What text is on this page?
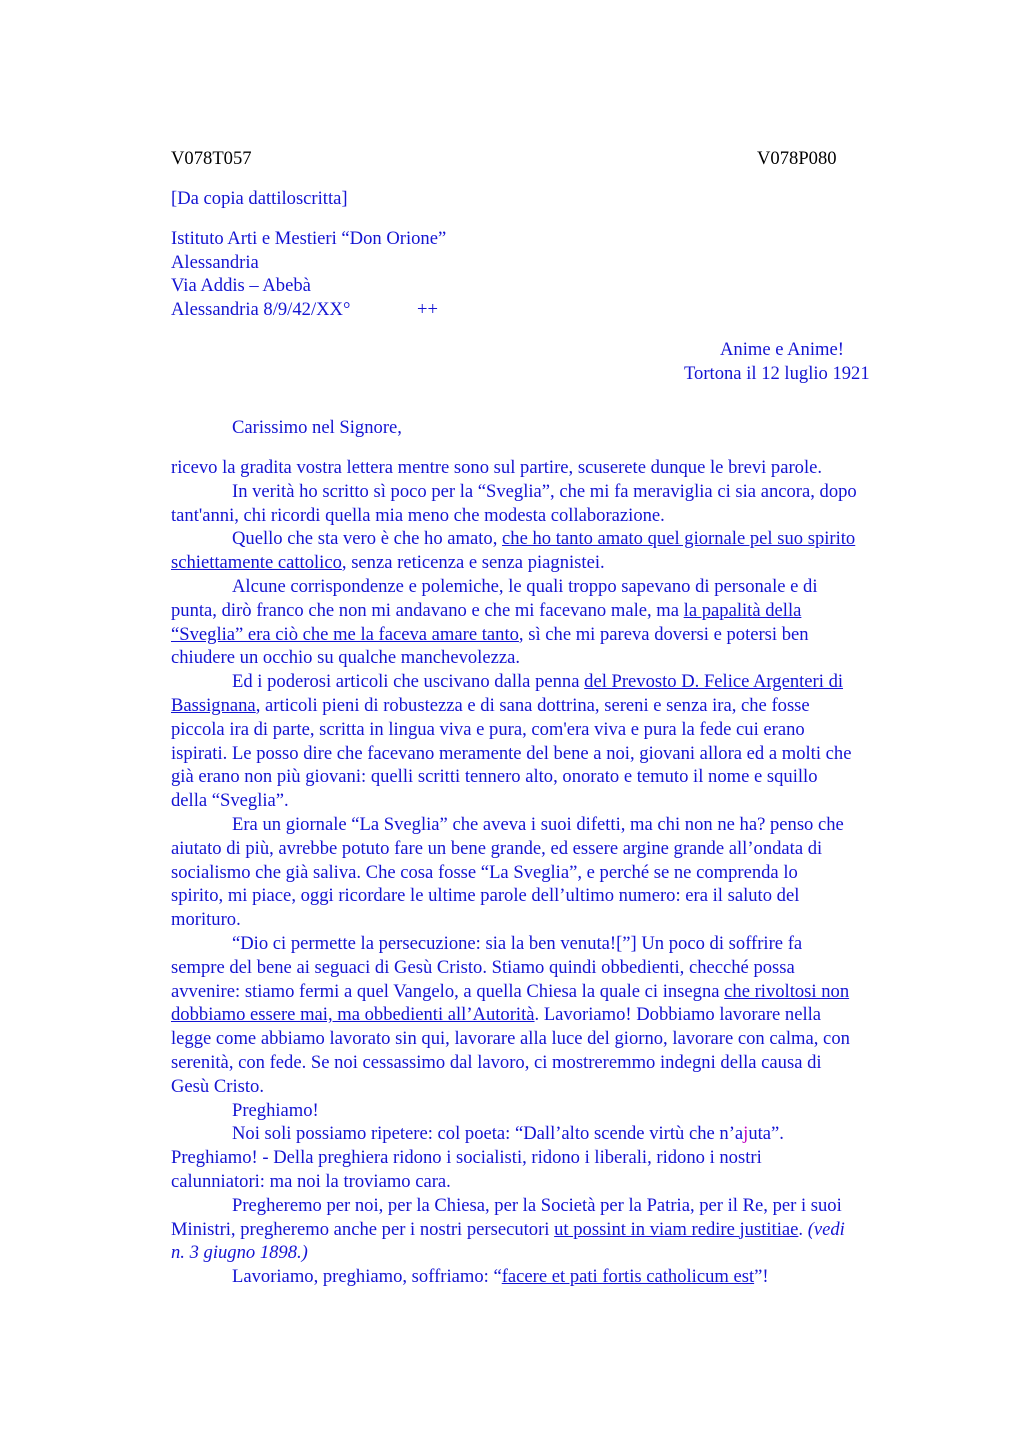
V078T057	V078P080
[Da copia dattiloscritta]
Istituto Arti e Mestieri “Don Orione”
Alessandria
Via Addis – Abebà
Alessandria 8/9/42/XX°	++
Anime e Anime!
Tortona il 12 luglio 1921
Carissimo nel Signore,
ricevo la gradita vostra lettera mentre sono sul partire, scuserete dunque le brevi parole.
In verità ho scritto sì poco per la “Sveglia”, che mi fa meraviglia ci sia ancora, dopo
tant'anni, chi ricordi quella mia meno che modesta collaborazione.
Quello che sta vero è che ho amato, che ho tanto amato quel giornale pel suo spirito
schiettamente cattolico, senza reticenza e senza piagnistei.
Alcune corrispondenze e polemiche, le quali troppo sapevano di personale e di
punta, dirò franco che non mi andavano e che mi facevano male, ma la papalità della
“Sveglia” era ciò che me la faceva amare tanto, sì che mi pareva doversi e potersi ben
chiudere un occhio su qualche manchevolezza.
Ed i poderosi articoli che uscivano dalla penna del Prevosto D. Felice Argenteri di
Bassignana, articoli pieni di robustezza e di sana dottrina, sereni e senza ira, che fosse
piccola ira di parte, scritta in lingua viva e pura, com'era viva e pura la fede cui erano
ispirati. Le posso dire che facevano meramente del bene a noi, giovani allora ed a molti che
già erano non più giovani: quelli scritti tennero alto, onorato e temuto il nome e squillo
della “Sveglia”.
Era un giornale “La Sveglia” che aveva i suoi difetti, ma chi non ne ha? penso che
aiutato di più, avrebbe potuto fare un bene grande, ed essere argine grande all’ondata di
socialismo che già saliva. Che cosa fosse “La Sveglia”, e perché se ne comprenda lo
spirito, mi piace, oggi ricordare le ultime parole dell’ultimo numero: era il saluto del
morituro.
“Dio ci permette la persecuzione: sia la ben venuta![”] Un poco di soffrire fa
sempre del bene ai seguaci di Gesù Cristo. Stiamo quindi obbedienti, checché possa
avvenire: stiamo fermi a quel Vangelo, a quella Chiesa la quale ci insegna che rivoltosi non
dobbiamo essere mai, ma obbedienti all’Autorità. Lavoriamo! Dobbiamo lavorare nella
legge come abbiamo lavorato sin qui, lavorare alla luce del giorno, lavorare con calma, con
serenità, con fede. Se noi cessassimo dal lavoro, ci mostreremmo indegni della causa di
Gesù Cristo.
Preghiamo!
Noi soli possiamo ripetere: col poeta: “Dall’alto scende virtù che n’ajuta”.
Preghiamo! - Della preghiera ridono i socialisti, ridono i liberali, ridono i nostri
calunniatori: ma noi la troviamo cara.
Pregheremo per noi, per la Chiesa, per la Società per la Patria, per il Re, per i suoi
Ministri, pregheremo anche per i nostri persecutori ut possint in viam redire justitiae. (vedi
n. 3 giugno 1898.)
Lavoriamo, preghiamo, soffriamo: “facere et pati fortis catholicum est”!
